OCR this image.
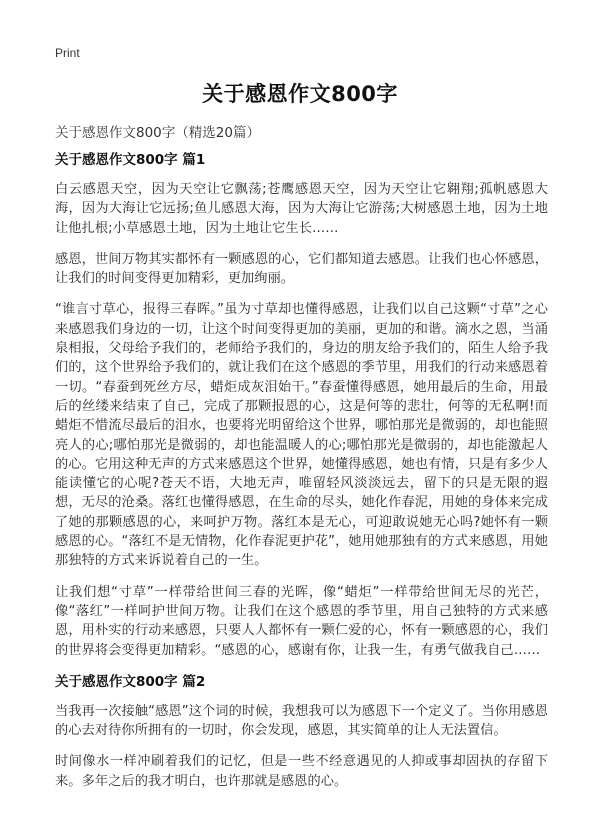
Print
关于感恩作文800字
关于感恩作文800字（精选20篇）
关于感恩作文800字 篇1

白云感恩天空，因为天空让它飘荡;苍鹰感恩天空，因为天空让它翱翔;孤帆感恩大海，因为大海让它远扬;鱼儿感恩大海，因为大海让它游荡;大树感恩土地，因为土地让他扎根;小草感恩土地，因为土地让它生长……

感恩，世间万物其实都怀有一颗感恩的心，它们都知道去感恩。让我们也心怀感恩，让我们的时间变得更加精彩，更加绚丽。

“谁言寸草心，报得三春晖。”虽为寸草却也懂得感恩，让我们以自己这颗“寸草”之心来感恩我们身边的一切，让这个时间变得更加的美丽，更加的和谐。滴水之恩，当涌泉相报，父母给予我们的，老师给予我们的，身边的朋友给予我们的，陌生人给予我们的，这个世界给予我们的，就让我们在这个感恩的季节里，用我们的行动来感恩着一切。“春蚕到死丝方尽，蜡炬成灰泪始干。”春蚕懂得感恩，她用最后的生命，用最后的丝缕来结束了自己，完成了那颗报恩的心，这是何等的悲壮，何等的无私啊!而蜡炬不惜流尽最后的泪水，也要将光明留给这个世界，哪怕那光是微弱的，却也能照亮人的心;哪怕那光是微弱的，却也能温暖人的心;哪怕那光是微弱的，却也能激起人的心。它用这种无声的方式来感恩这个世界，她懂得感恩，她也有情，只是有多少人能读懂它的心呢?苍天不语，大地无声，唯留轻风淡淡远去，留下的只是无限的遐想，无尽的沧桑。落红也懂得感恩，在生命的尽头，她化作春泥，用她的身体来完成了她的那颗感恩的心，来呵护万物。落红本是无心，可迎敢说她无心吗?她怀有一颗感恩的心。“落红不是无情物，化作春泥更护花”，她用她那独有的方式来感恩，用她那独特的方式来诉说着自己的一生。

让我们想“寸草”一样带给世间三春的光晖，像“蜡炬”一样带给世间无尽的光芒，像“落红”一样呵护世间万物。让我们在这个感恩的季节里，用自己独特的方式来感恩，用朴实的行动来感恩，只要人人都怀有一颗仁爱的心，怀有一颗感恩的心，我们的世界将会变得更加精彩。“感恩的心，感谢有你，让我一生，有勇气做我自己……

关于感恩作文800字 篇2

当我再一次接触“感恩”这个词的时候，我想我可以为感恩下一个定义了。当你用感恩的心去对待你所拥有的一切时，你会发现，感恩，其实简单的让人无法置信。

时间像水一样冲刷着我们的记忆，但是一些不经意遇见的人抑或事却固执的存留下来。多年之后的我才明白，也许那就是感恩的心。
